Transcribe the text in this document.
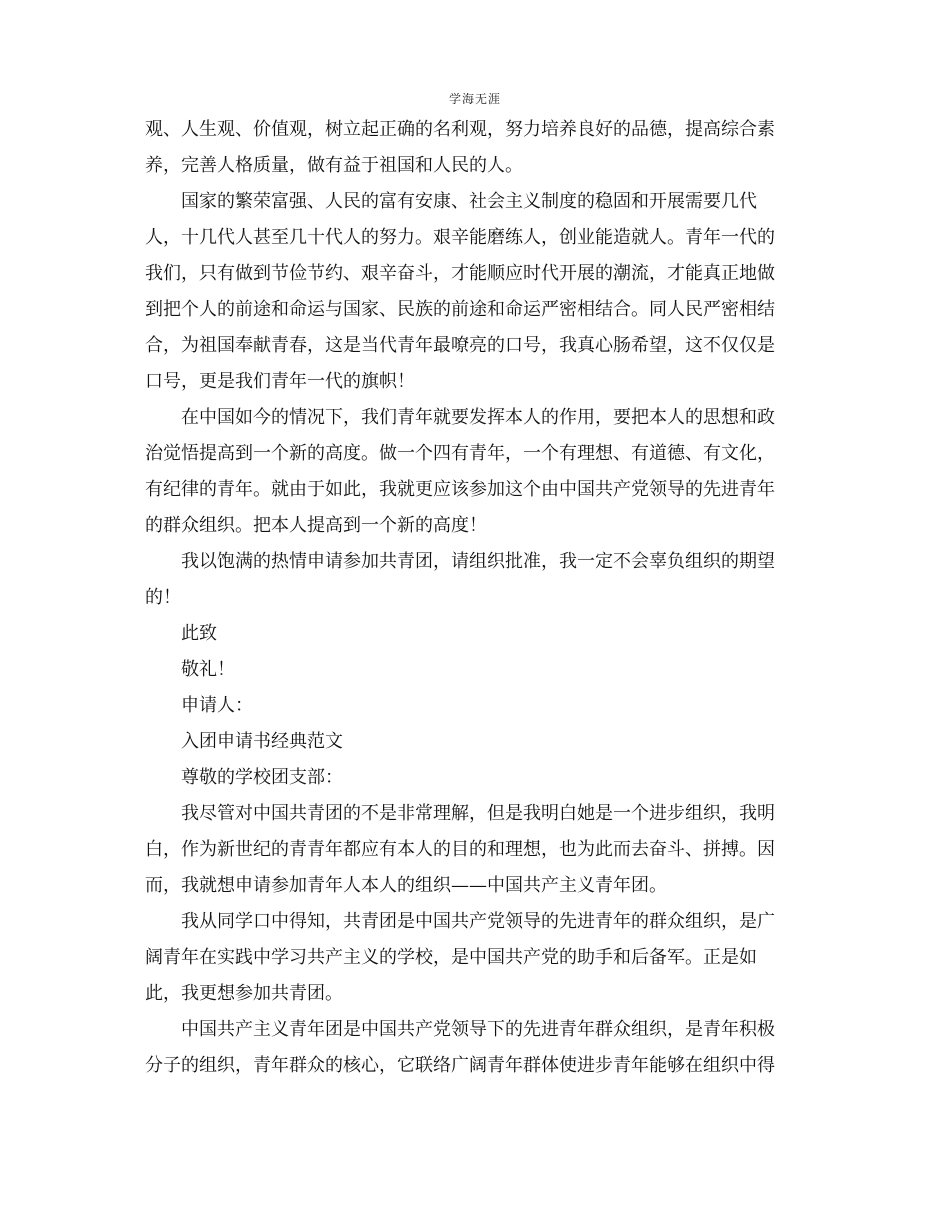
学海无涯
观、人生观、价值观，树立起正确的名利观，努力培养良好的品德，提高综合素
养，完善人格质量，做有益于祖国和人民的人。
国家的繁荣富强、人民的富有安康、社会主义制度的稳固和开展需要几代
人，十几代人甚至几十代人的努力。艰辛能磨练人，创业能造就人。青年一代的
我们，只有做到节俭节约、艰辛奋斗，才能顺应时代开展的潮流，才能真正地做
到把个人的前途和命运与国家、民族的前途和命运严密相结合。同人民严密相结
合，为祖国奉献青春，这是当代青年最嘹亮的口号，我真心肠希望，这不仅仅是
口号，更是我们青年一代的旗帜！
在中国如今的情况下，我们青年就要发挥本人的作用，要把本人的思想和政
治觉悟提高到一个新的高度。做一个四有青年，一个有理想、有道德、有文化，
有纪律的青年。就由于如此，我就更应该参加这个由中国共产党领导的先进青年
的群众组织。把本人提高到一个新的高度！
我以饱满的热情申请参加共青团，请组织批准，我一定不会辜负组织的期望
的！
此致
敬礼！
申请人：
入团申请书经典范文
尊敬的学校团支部：
我尽管对中国共青团的不是非常理解，但是我明白她是一个进步组织，我明
白，作为新世纪的青青年都应有本人的目的和理想，也为此而去奋斗、拼搏。因
而，我就想申请参加青年人本人的组织——中国共产主义青年团。
我从同学口中得知，共青团是中国共产党领导的先进青年的群众组织，是广
阔青年在实践中学习共产主义的学校，是中国共产党的助手和后备军。正是如
此，我更想参加共青团。
中国共产主义青年团是中国共产党领导下的先进青年群众组织，是青年积极
分子的组织，青年群众的核心，它联络广阔青年群体使进步青年能够在组织中得
